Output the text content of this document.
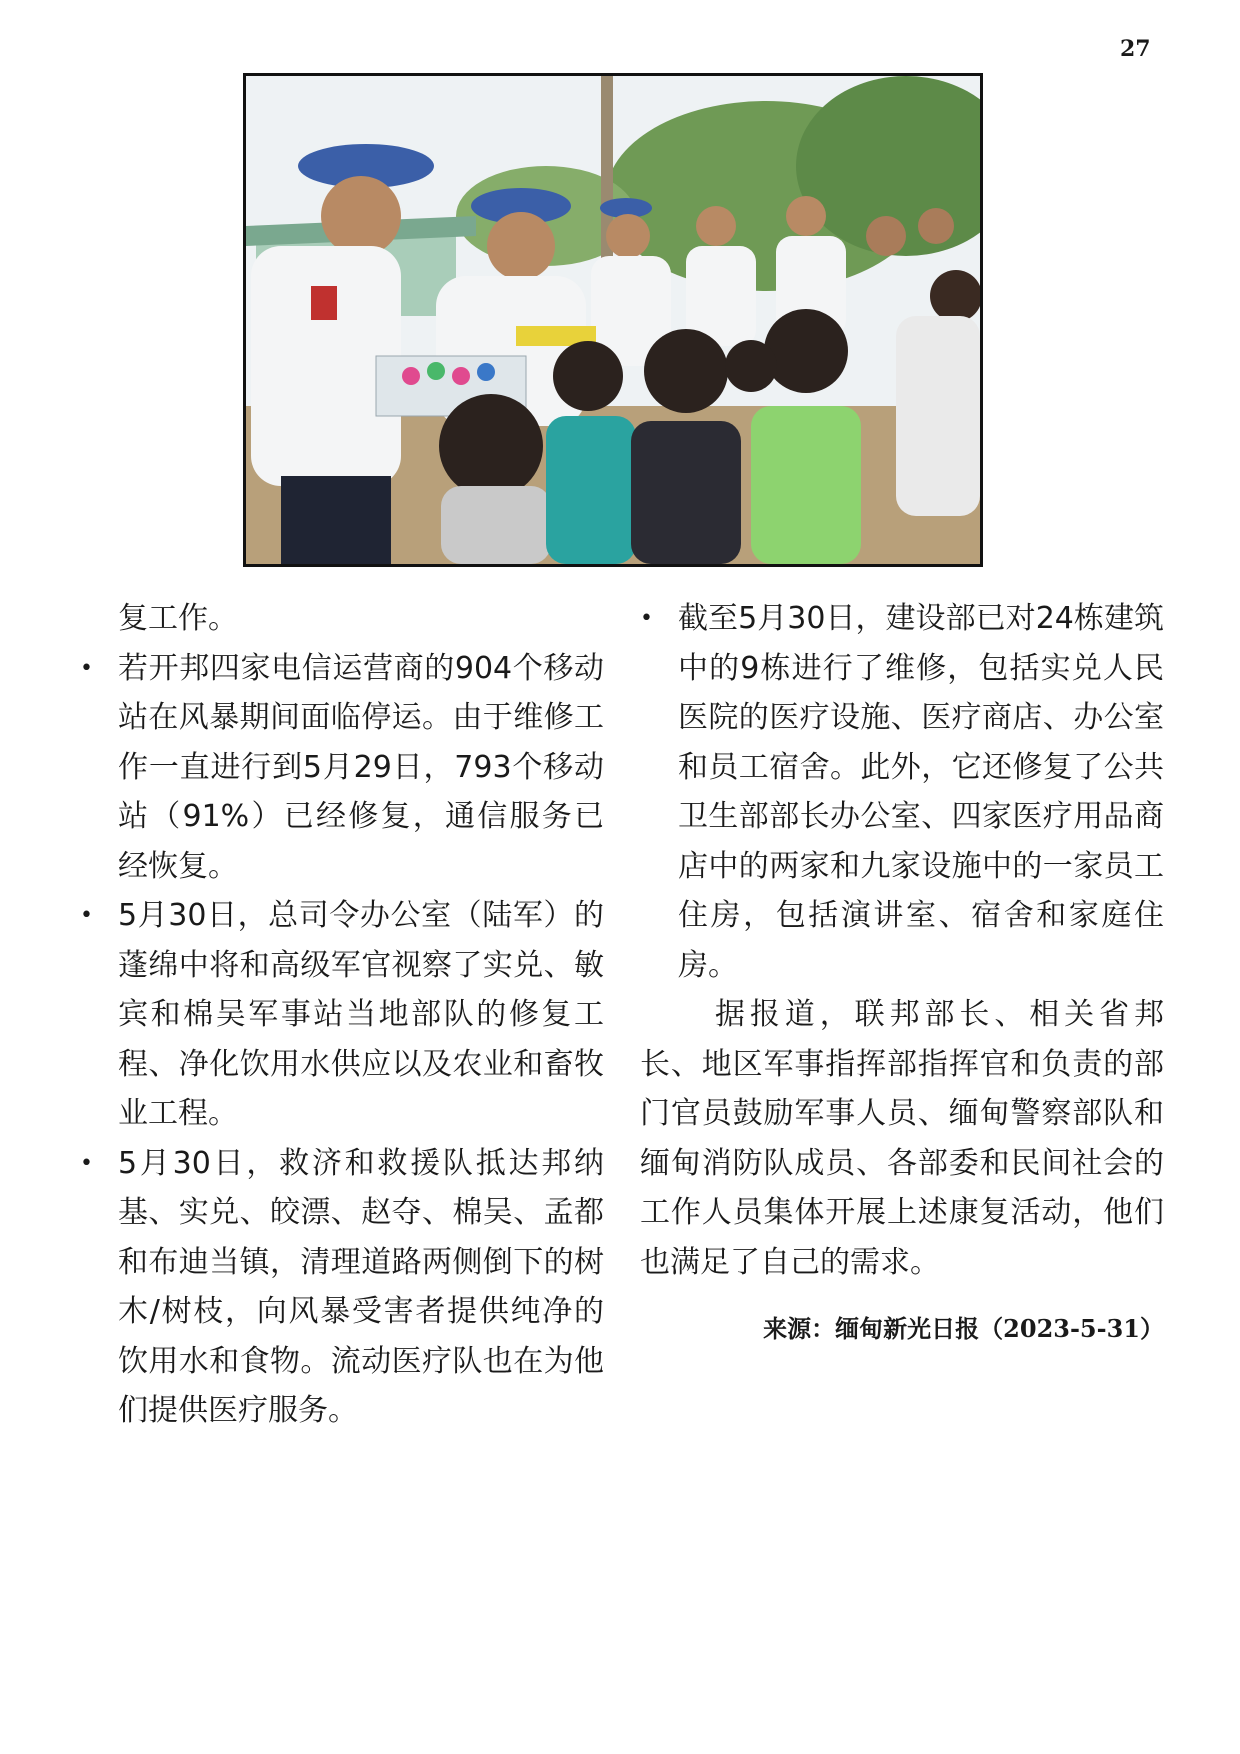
27

复工作。

• 若开邦四家电信运营商的904个移动站在风暴期间面临停运。由于维修工作一直进行到5月29日，793个移动站（91%）已经修复，通信服务已经恢复。

• 5月30日，总司令办公室（陆军）的蓬绵中将和高级军官视察了实兑、敏宾和棉吴军事站当地部队的修复工程、净化饮用水供应以及农业和畜牧业工程。

• 5月30日，救济和救援队抵达邦纳基、实兑、皎漂、赵夺、棉吴、孟都和布迪当镇，清理道路两侧倒下的树木/树枝，向风暴受害者提供纯净的饮用水和食物。流动医疗队也在为他们提供医疗服务。

• 截至5月30日，建设部已对24栋建筑中的9栋进行了维修，包括实兑人民医院的医疗设施、医疗商店、办公室和员工宿舍。此外，它还修复了公共卫生部部长办公室、四家医疗用品商店中的两家和九家设施中的一家员工住房，包括演讲室、宿舍和家庭住房。

据报道，联邦部长、相关省邦长、地区军事指挥部指挥官和负责的部门官员鼓励军事人员、缅甸警察部队和缅甸消防队成员、各部委和民间社会的工作人员集体开展上述康复活动，他们也满足了自己的需求。

来源：缅甸新光日报（2023-5-31）
